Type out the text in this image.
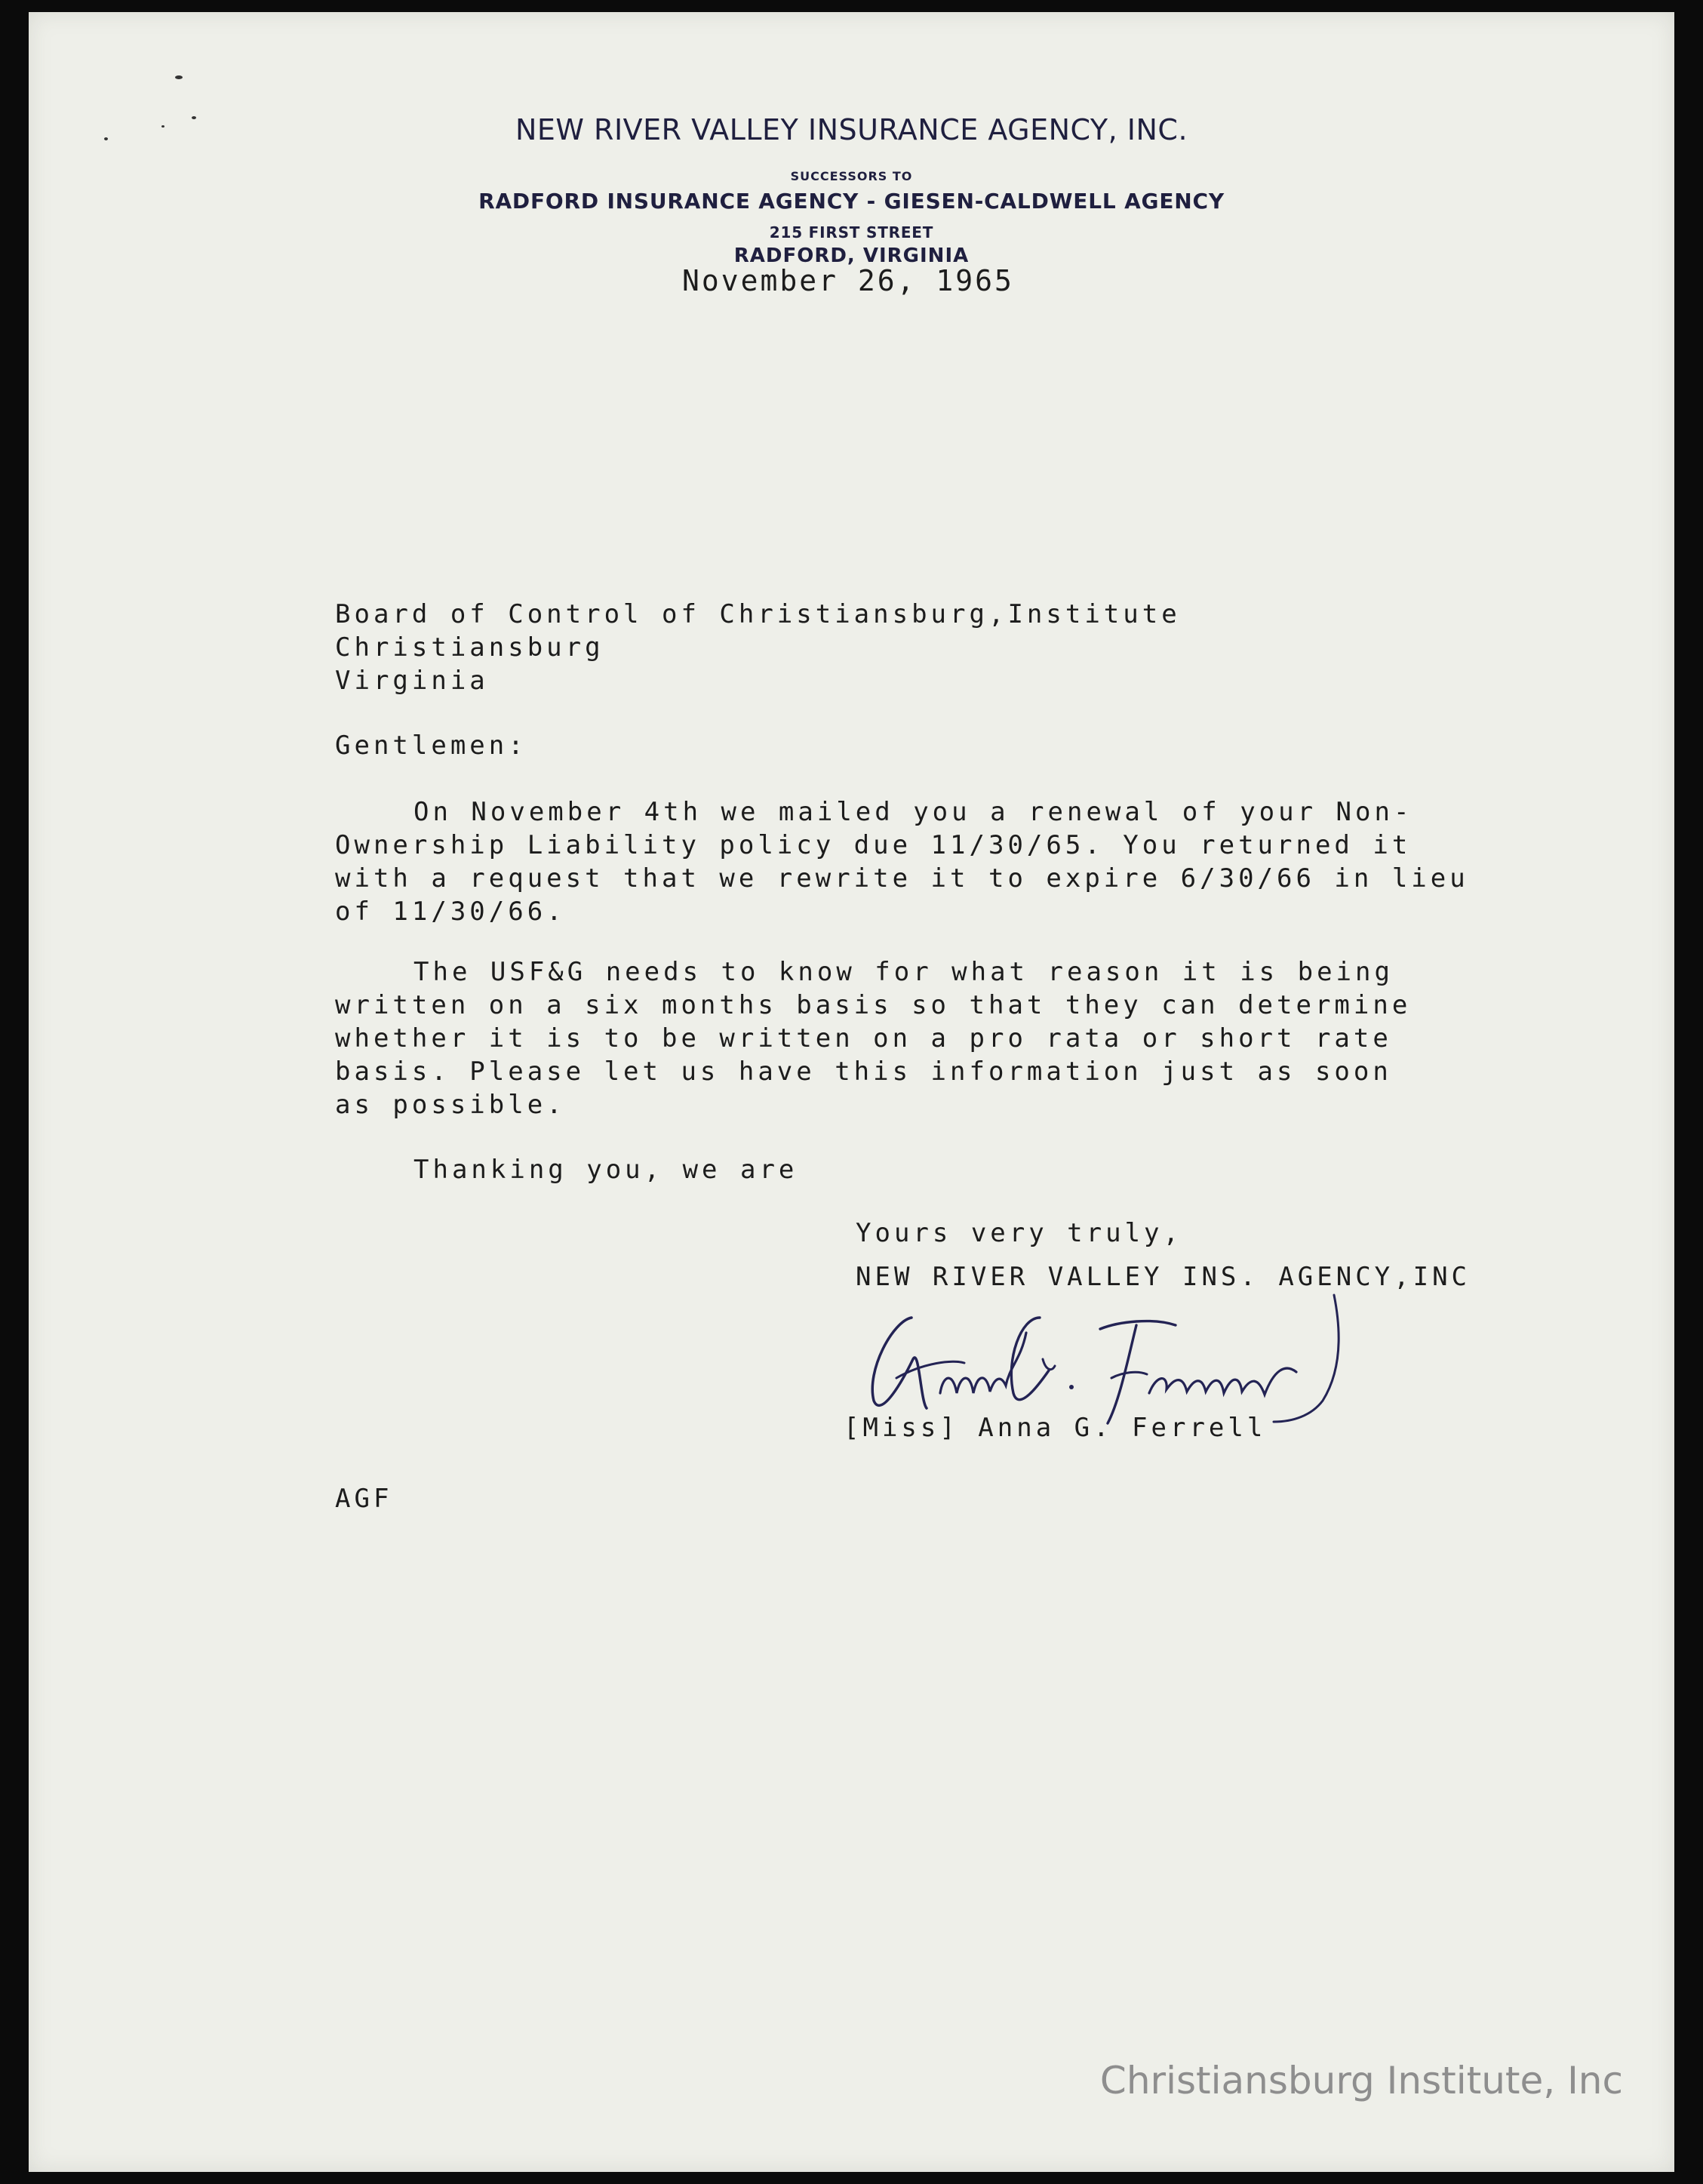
NEW RIVER VALLEY INSURANCE AGENCY, INC.
SUCCESSORS TO
RADFORD INSURANCE AGENCY - GIESEN-CALDWELL AGENCY
215 FIRST STREET
RADFORD, VIRGINIA
November 26, 1965
Board of Control of Christiansburg,Institute
Christiansburg
Virginia
Gentlemen:
On November 4th we mailed you a renewal of your Non-
Ownership Liability policy due 11/30/65. You returned it
with a request that we rewrite it to expire 6/30/66 in lieu
of 11/30/66.
The USF&G needs to know for what reason it is being
written on a six months basis so that they can determine
whether it is to be written on a pro rata or short rate
basis. Please let us have this information just as soon
as possible.
Thanking you, we are
Yours very truly,
NEW RIVER VALLEY INS. AGENCY,INC
[Miss] Anna G. Ferrell
AGF
Christiansburg Institute, Inc
